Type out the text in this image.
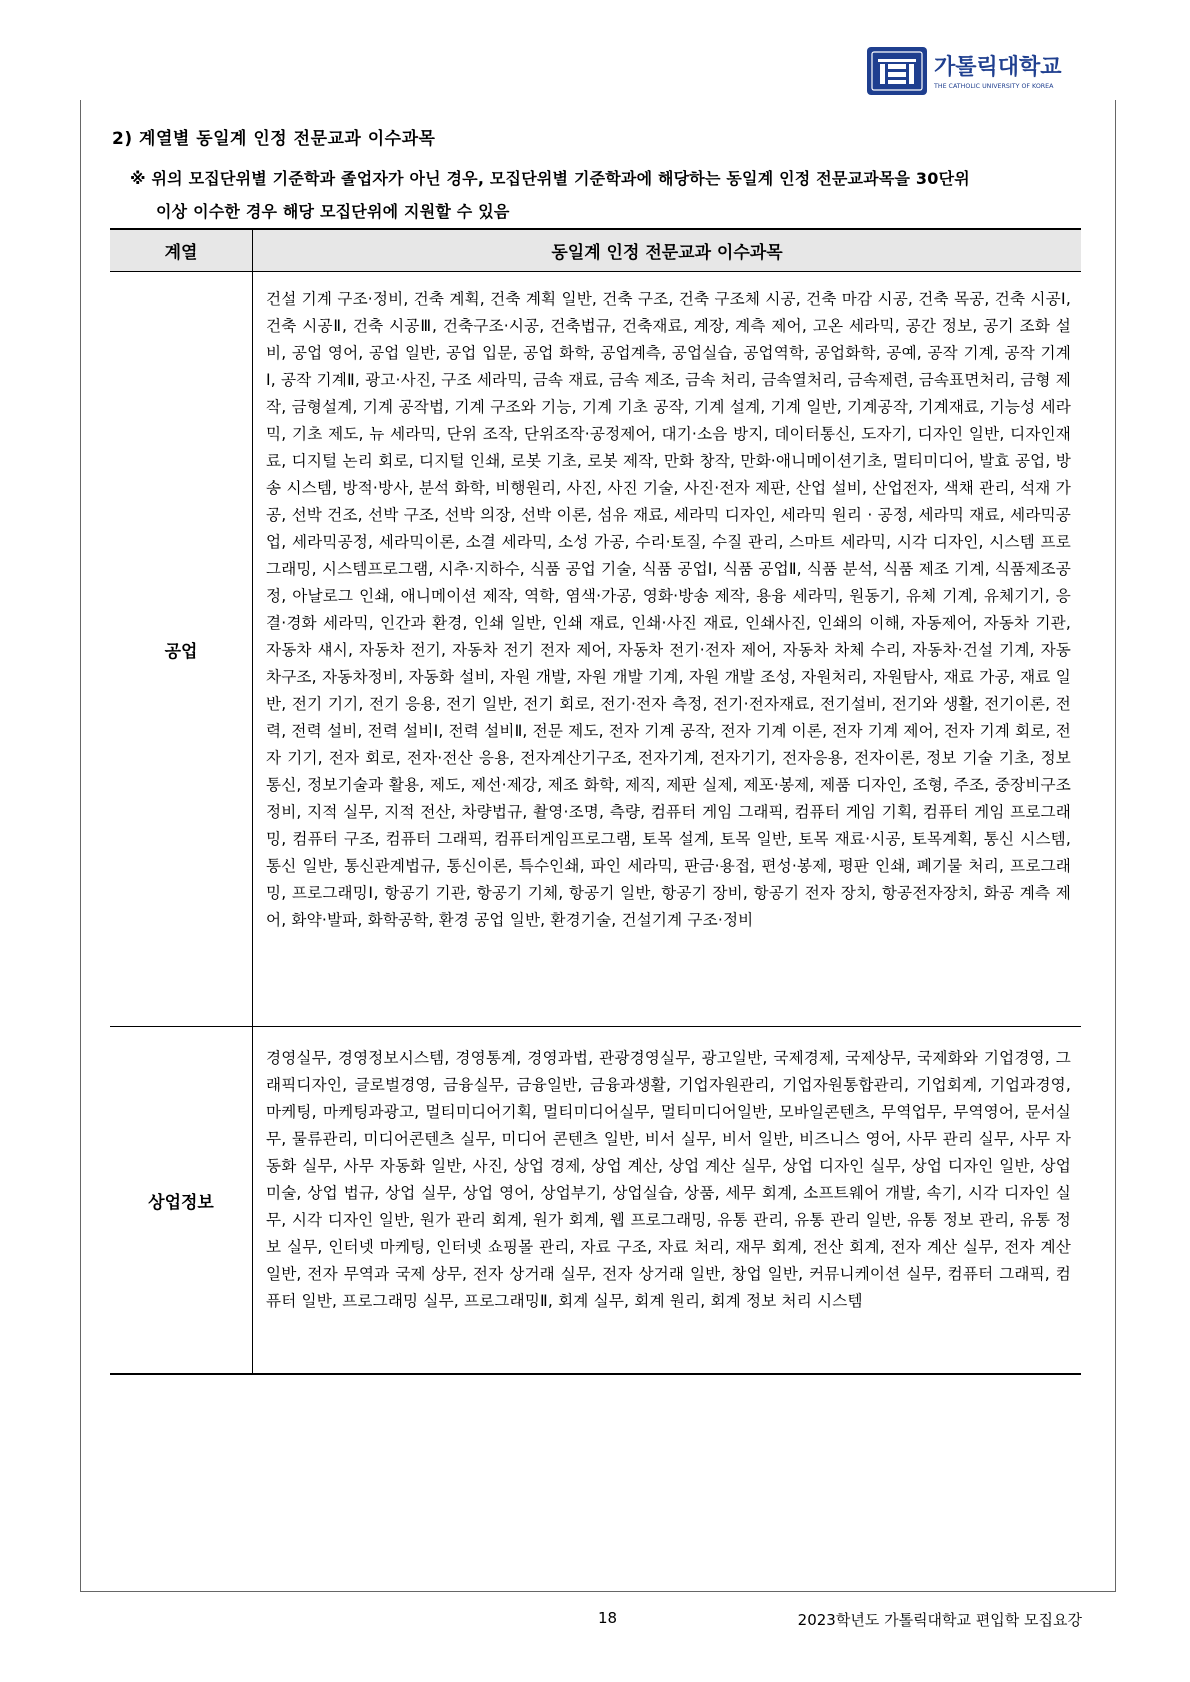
가톨릭대학교
THE CATHOLIC UNIVERSITY OF KOREA
2) 계열별 동일계 인정 전문교과 이수과목
※ 위의 모집단위별 기준학과 졸업자가 아닌 경우, 모집단위별 기준학과에 해당하는 동일계 인정 전문교과목을 30단위
이상 이수한 경우 해당 모집단위에 지원할 수 있음
계열	동일계 인정 전문교과 이수과목
공업	건설 기계 구조·정비, 건축 계획, 건축 계획 일반, 건축 구조, 건축 구조체 시공, 건축 마감 시공, 건축 목공, 건축 시공Ⅰ, 건축 시공Ⅱ, 건축 시공Ⅲ, 건축구조·시공, 건축법규, 건축재료, 계장, 계측 제어, 고온 세라믹, 공간 정보, 공기 조화 설비, 공업 영어, 공업 일반, 공업 입문, 공업 화학, 공업계측, 공업실습, 공업역학, 공업화학, 공예, 공작 기계, 공작 기계Ⅰ, 공작 기계Ⅱ, 광고·사진, 구조 세라믹, 금속 재료, 금속 제조, 금속 처리, 금속열처리, 금속제련, 금속표면처리, 금형 제작, 금형설계, 기계 공작법, 기계 구조와 기능, 기계 기초 공작, 기계 설계, 기계 일반, 기계공작, 기계재료, 기능성 세라믹, 기초 제도, 뉴 세라믹, 단위 조작, 단위조작·공정제어, 대기·소음 방지, 데이터통신, 도자기, 디자인 일반, 디자인재료, 디지털 논리 회로, 디지털 인쇄, 로봇 기초, 로봇 제작, 만화 창작, 만화·애니메이션기초, 멀티미디어, 발효 공업, 방송 시스템, 방적·방사, 분석 화학, 비행원리, 사진, 사진 기술, 사진·전자 제판, 산업 설비, 산업전자, 색채 관리, 석재 가공, 선박 건조, 선박 구조, 선박 의장, 선박 이론, 섬유 재료, 세라믹 디자인, 세라믹 원리 · 공정, 세라믹 재료, 세라믹공업, 세라믹공정, 세라믹이론, 소결 세라믹, 소성 가공, 수리·토질, 수질 관리, 스마트 세라믹, 시각 디자인, 시스템 프로그래밍, 시스템프로그램, 시추·지하수, 식품 공업 기술, 식품 공업Ⅰ, 식품 공업Ⅱ, 식품 분석, 식품 제조 기계, 식품제조공정, 아날로그 인쇄, 애니메이션 제작, 역학, 염색·가공, 영화·방송 제작, 용융 세라믹, 원동기, 유체 기계, 유체기기, 응결·경화 세라믹, 인간과 환경, 인쇄 일반, 인쇄 재료, 인쇄·사진 재료, 인쇄사진, 인쇄의 이해, 자동제어, 자동차 기관, 자동차 섀시, 자동차 전기, 자동차 전기 전자 제어, 자동차 전기·전자 제어, 자동차 차체 수리, 자동차·건설 기계, 자동차구조, 자동차정비, 자동화 설비, 자원 개발, 자원 개발 기계, 자원 개발 조성, 자원처리, 자원탐사, 재료 가공, 재료 일반, 전기 기기, 전기 응용, 전기 일반, 전기 회로, 전기·전자 측정, 전기·전자재료, 전기설비, 전기와 생활, 전기이론, 전력, 전력 설비, 전력 설비Ⅰ, 전력 설비Ⅱ, 전문 제도, 전자 기계 공작, 전자 기계 이론, 전자 기계 제어, 전자 기계 회로, 전자 기기, 전자 회로, 전자·전산 응용, 전자계산기구조, 전자기계, 전자기기, 전자응용, 전자이론, 정보 기술 기초, 정보 통신, 정보기술과 활용, 제도, 제선·제강, 제조 화학, 제직, 제판 실제, 제포·봉제, 제품 디자인, 조형, 주조, 중장비구조정비, 지적 실무, 지적 전산, 차량법규, 촬영·조명, 측량, 컴퓨터 게임 그래픽, 컴퓨터 게임 기획, 컴퓨터 게임 프로그래밍, 컴퓨터 구조, 컴퓨터 그래픽, 컴퓨터게임프로그램, 토목 설계, 토목 일반, 토목 재료·시공, 토목계획, 통신 시스템, 통신 일반, 통신관계법규, 통신이론, 특수인쇄, 파인 세라믹, 판금·용접, 편성·봉제, 평판 인쇄, 폐기물 처리, 프로그래밍, 프로그래밍Ⅰ, 항공기 기관, 항공기 기체, 항공기 일반, 항공기 장비, 항공기 전자 장치, 항공전자장치, 화공 계측 제어, 화약·발파, 화학공학, 환경 공업 일반, 환경기술, 건설기계 구조·정비

상업정보	경영실무, 경영정보시스템, 경영통계, 경영과법, 관광경영실무, 광고일반, 국제경제, 국제상무, 국제화와 기업경영, 그래픽디자인, 글로벌경영, 금융실무, 금융일반, 금융과생활, 기업자원관리, 기업자원통합관리, 기업회계, 기업과경영, 마케팅, 마케팅과광고, 멀티미디어기획, 멀티미디어실무, 멀티미디어일반, 모바일콘텐츠, 무역업무, 무역영어, 문서실무, 물류관리, 미디어콘텐츠 실무, 미디어 콘텐츠 일반, 비서 실무, 비서 일반, 비즈니스 영어, 사무 관리 실무, 사무 자동화 실무, 사무 자동화 일반, 사진, 상업 경제, 상업 계산, 상업 계산 실무, 상업 디자인 실무, 상업 디자인 일반, 상업 미술, 상업 법규, 상업 실무, 상업 영어, 상업부기, 상업실습, 상품, 세무 회계, 소프트웨어 개발, 속기, 시각 디자인 실무, 시각 디자인 일반, 원가 관리 회계, 원가 회계, 웹 프로그래밍, 유통 관리, 유통 관리 일반, 유통 정보 관리, 유통 정보 실무, 인터넷 마케팅, 인터넷 쇼핑몰 관리, 자료 구조, 자료 처리, 재무 회계, 전산 회계, 전자 계산 실무, 전자 계산 일반, 전자 무역과 국제 상무, 전자 상거래 실무, 전자 상거래 일반, 창업 일반, 커뮤니케이션 실무, 컴퓨터 그래픽, 컴퓨터 일반, 프로그래밍 실무, 프로그래밍Ⅱ, 회계 실무, 회계 원리, 회계 정보 처리 시스템
18	2023학년도 가톨릭대학교 편입학 모집요강
